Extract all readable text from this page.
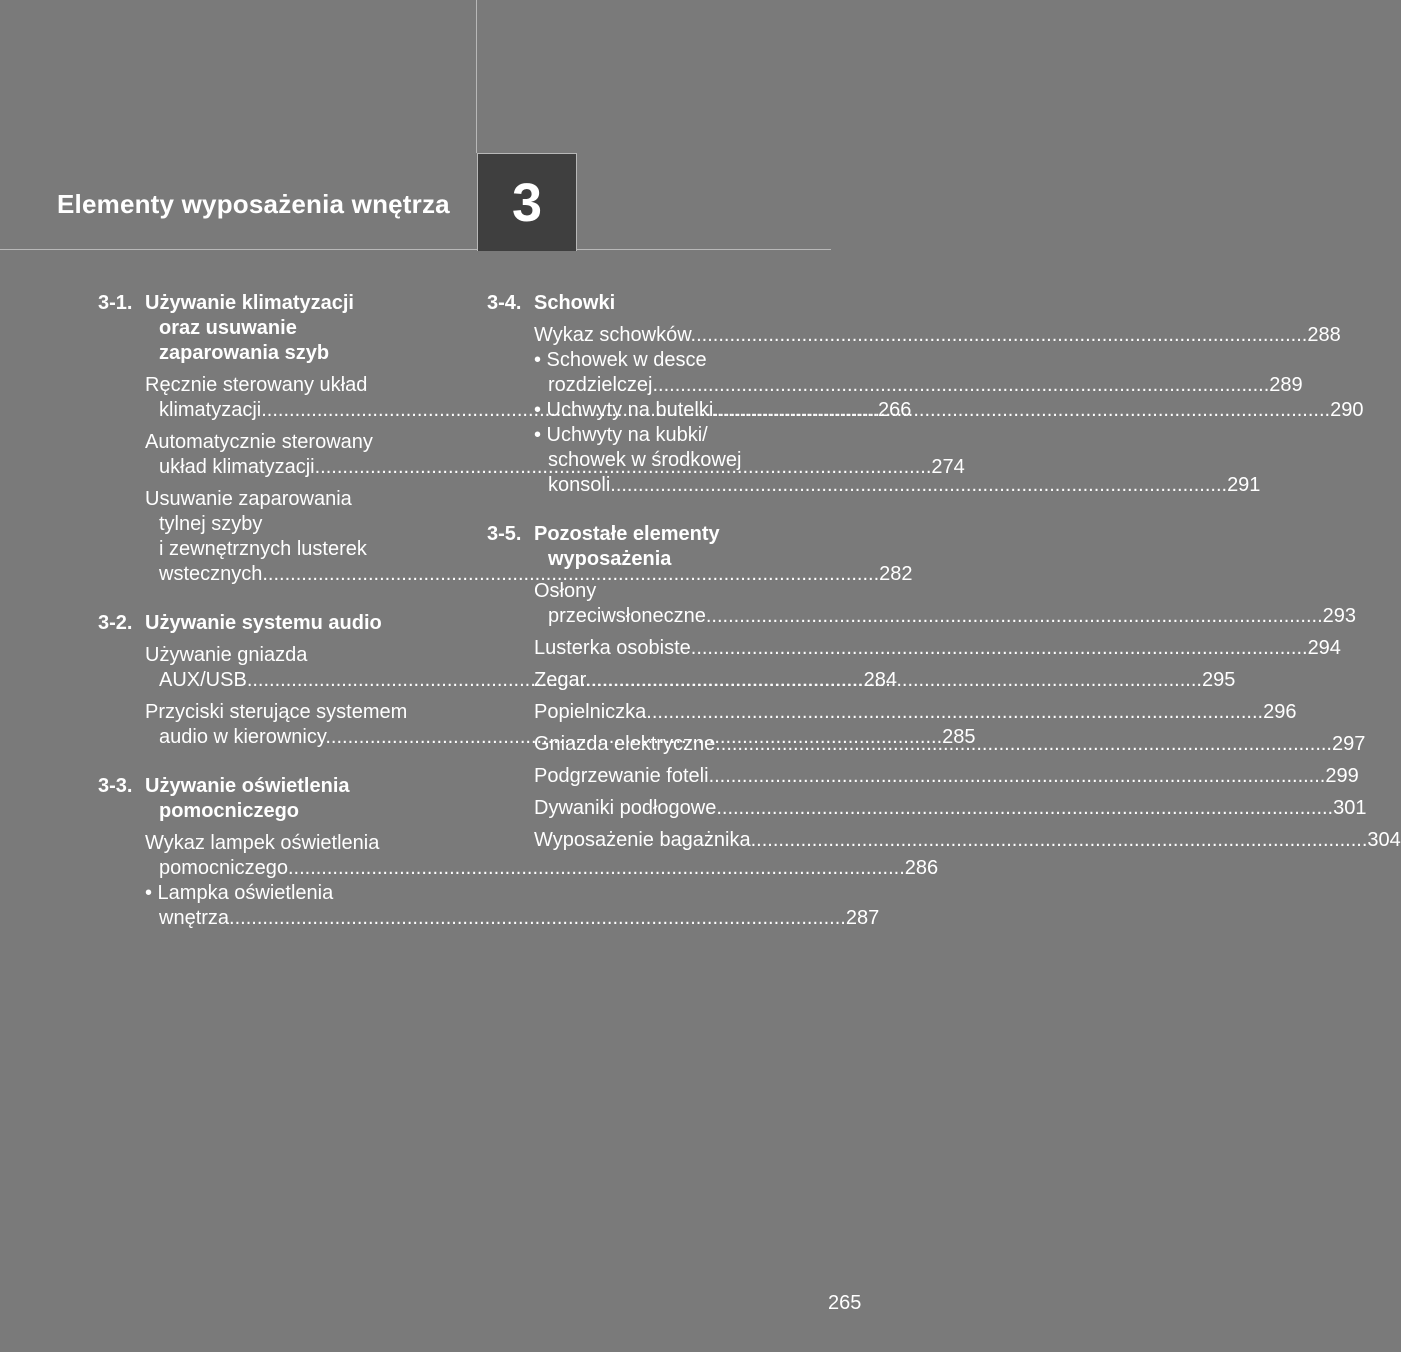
Elementy wyposażenia wnętrza 3
3-1. Używanie klimatyzacji
oraz usuwanie
zaparowania szyb
Ręcznie sterowany układ
klimatyzacji .....	266
Automatycznie sterowany
układ klimatyzacji .....	274
Usuwanie zaparowania
tylnej szyby
i zewnętrznych lusterek
wstecznych .....	282
3-2. Używanie systemu audio
Używanie gniazda
AUX/USB .....	284
Przyciski sterujące systemem
audio w kierownicy .....	285
3-3. Używanie oświetlenia
pomocniczego
Wykaz lampek oświetlenia
pomocniczego .....	286
• Lampka oświetlenia
wnętrza .....	287
3-4. Schowki
Wykaz schowków .....	288
• Schowek w desce
rozdzielczej .....	289
• Uchwyty na butelki .....	290
• Uchwyty na kubki/
schowek w środkowej
konsoli .....	291
3-5. Pozostałe elementy
wyposażenia
Osłony
przeciwsłoneczne .....	293
Lusterka osobiste .....	294
Zegar .....	295
Popielniczka .....	296
Gniazda elektryczne .....	297
Podgrzewanie foteli .....	299
Dywaniki podłogowe .....	301
Wyposażenie bagażnika .....	304
265
